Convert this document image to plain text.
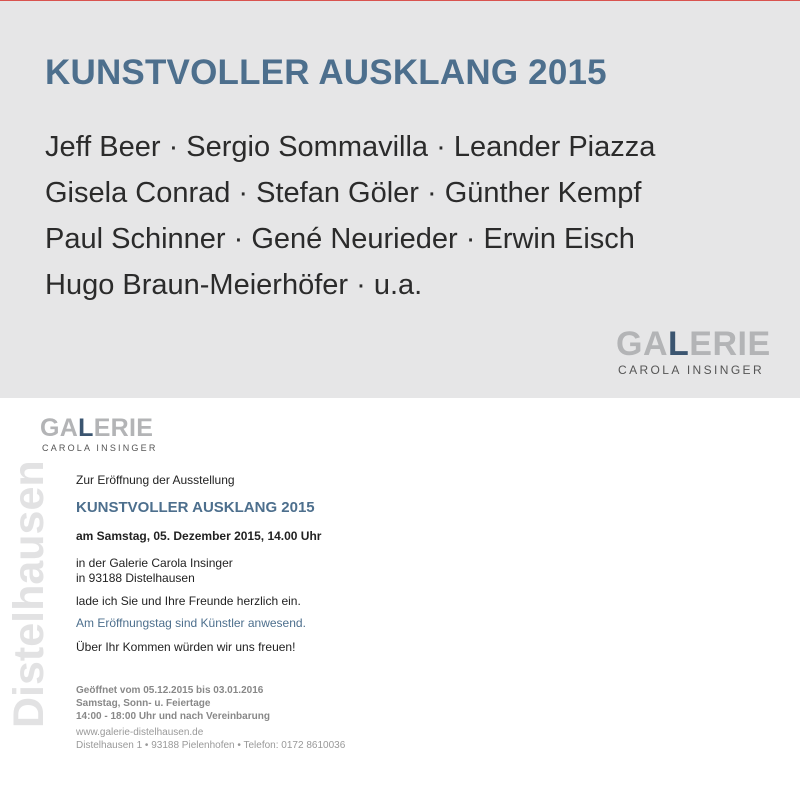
KUNSTVOLLER AUSKLANG 2015
Jeff Beer · Sergio Sommavilla · Leander Piazza
Gisela Conrad · Stefan Göler · Günther Kempf
Paul Schinner · Gené Neurieder · Erwin Eisch
Hugo Braun-Meierhöfer · u.a.
GALERIE
CAROLA INSINGER
GALERIE
CAROLA INSINGER
Distelhausen Zur Eröffnung der Ausstellung
KUNSTVOLLER AUSKLANG 2015
am Samstag, 05. Dezember 2015, 14.00 Uhr
in der Galerie Carola Insinger
in 93188 Distelhausen
lade ich Sie und Ihre Freunde herzlich ein.
Am Eröffnungstag sind Künstler anwesend.
Über Ihr Kommen würden wir uns freuen!
Geöffnet vom 05.12.2015 bis 03.01.2016
Samstag, Sonn- u. Feiertage
14:00 - 18:00 Uhr und nach Vereinbarung
www.galerie-distelhausen.de
Distelhausen 1 • 93188 Pielenhofen • Telefon: 0172 8610036
